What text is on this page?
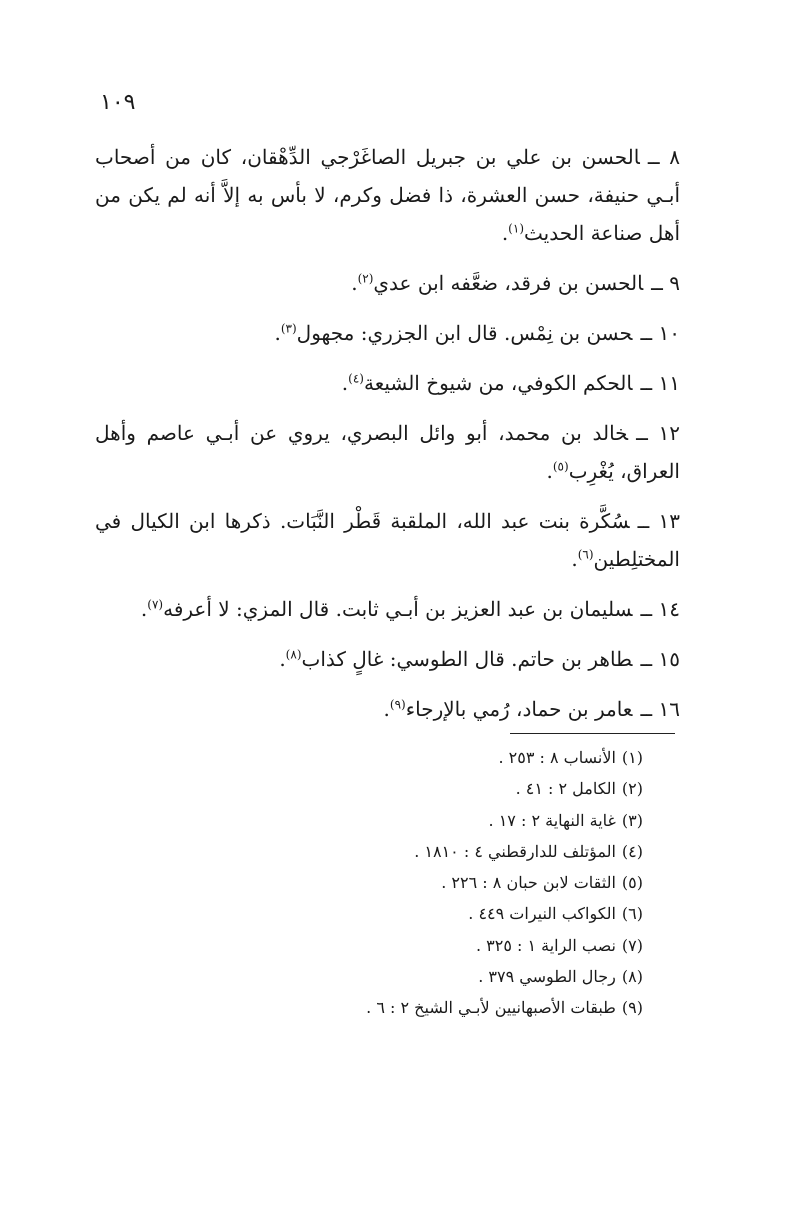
١٠٩

٨ ــالحسن بن علي بن جبريل الصاغَرْجي الدِّهْقان، كان من أصحاب أبـي حنيفة، حسن العشرة، ذا فضل وكرم، لا بأس به إلاَّ أنه لم يكن من أهل صناعة الحديث$^{(١)}$.

٩ ــالحسن بن فرقد، ضعَّفه ابن عدي$^{(٢)}$.

١٠ ــحسن بن نِمْس. قال ابن الجزري: مجهول$^{(٣)}$.

١١ ــالحكم الكوفي، من شيوخ الشيعة$^{(٤)}$.

١٢ ــخالد بن محمد، أبو وائل البصري، يروي عن أبـي عاصم وأهل العراق، يُغْرِب$^{(٥)}$.

١٣ ــسُكَّرة بنت عبد الله، الملقبة قَطْر النَّبَات. ذكرها ابن الكيال في المختلِطين$^{(٦)}$.

١٤ ــسليمان بن عبد العزيز بن أبـي ثابت. قال المزي: لا أعرفه$^{(٧)}$.

١٥ ــطاهر بن حاتم. قال الطوسي: غالٍ كذاب$^{(٨)}$.

١٦ ــعامر بن حماد، رُمي بالإرجاء$^{(٩)}$.

(١)الأنساب ٨ : ٢٥٣ .

(٢)الكامل ٢ : ٤١ .

(٣)غاية النهاية ٢ : ١٧ .

(٤)المؤتلف للدارقطني ٤ : ١٨١٠ .

(٥)الثقات لابن حبان ٨ : ٢٢٦ .

(٦)الكواكب النيرات ٤٤٩ .

(٧)نصب الراية ١ : ٣٢٥ .

(٨)رجال الطوسي ٣٧٩ .

(٩)طبقات الأصبهانيين لأبـي الشيخ ٢ : ٦ .
